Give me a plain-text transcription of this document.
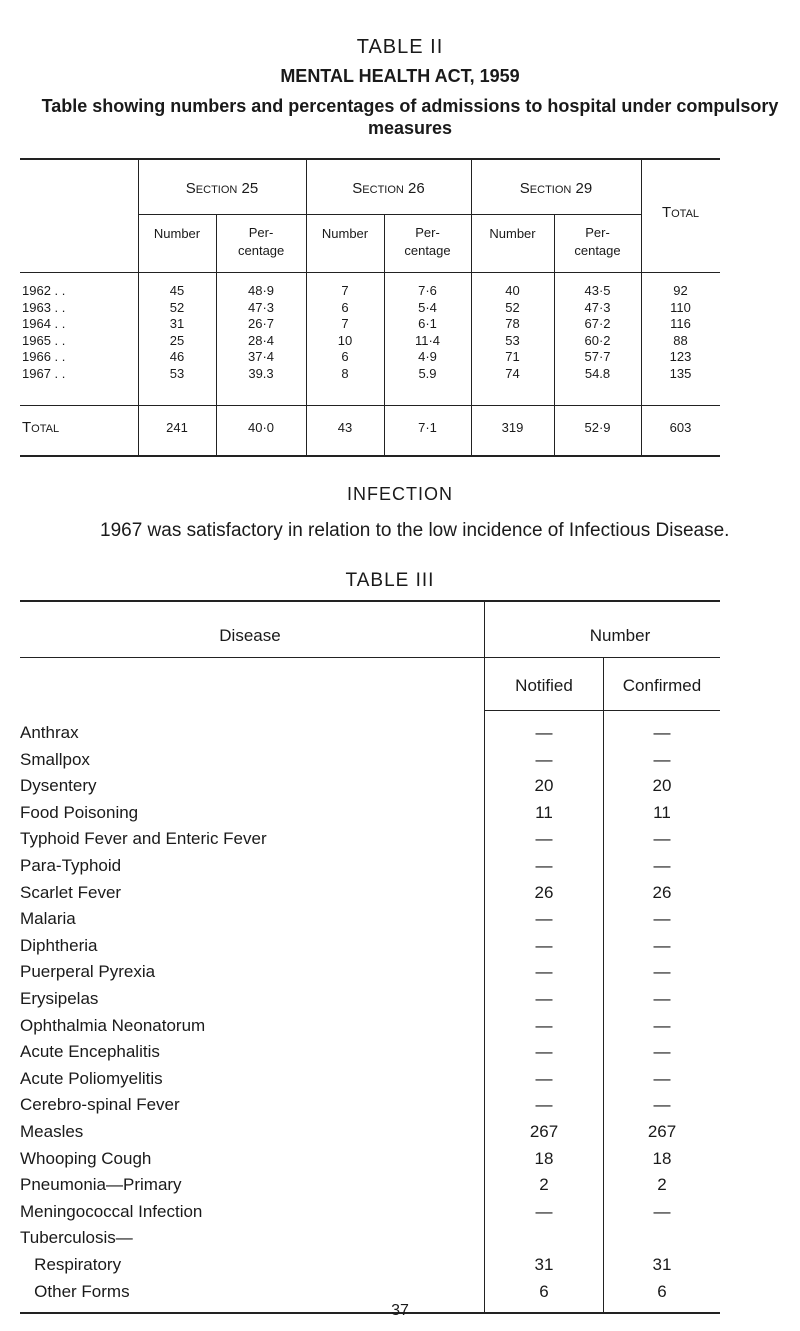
TABLE II
MENTAL HEALTH ACT, 1959
Table showing numbers and percentages of admissions to hospital under compulsory measures
Section 25	Section 26	Section 29
Total
Number	Per-centage
Number	Per-centage
Number	Per-centage
1962 . .	45	48·9	7	7·6	40	43·5	92
1963 . .	52	47·3	6	5·4	52	47·3	110
1964 . .	31	26·7	7	6·1	78	67·2	116
1965 . .	25	28·4	10	11·4	53	60·2	88
1966 . .	46	37·4	6	4·9	71	57·7	123
1967 . .	53	39.3	8	5.9	74	54.8	135
Total	241	40·0	43	7·1	319	52·9	603
INFECTION
1967 was satisfactory in relation to the low incidence of Infectious Disease.
TABLE III
Disease	Number
Notified	Confirmed
Anthrax	—	—
Smallpox	—	—
Dysentery	20	20
Food Poisoning	11	11
Typhoid Fever and Enteric Fever	—	—
Para-Typhoid	—	—
Scarlet Fever	26	26
Malaria	—	—
Diphtheria	—	—
Puerperal Pyrexia	—	—
Erysipelas	—	—
Ophthalmia Neonatorum	—	—
Acute Encephalitis	—	—
Acute Poliomyelitis	—	—
Cerebro-spinal Fever	—	—
Measles	267	267
Whooping Cough	18	18
Pneumonia—Primary	2	2
Meningococcal Infection	—	—
Tuberculosis—
Respiratory	31	31
Other Forms	6	6
37
